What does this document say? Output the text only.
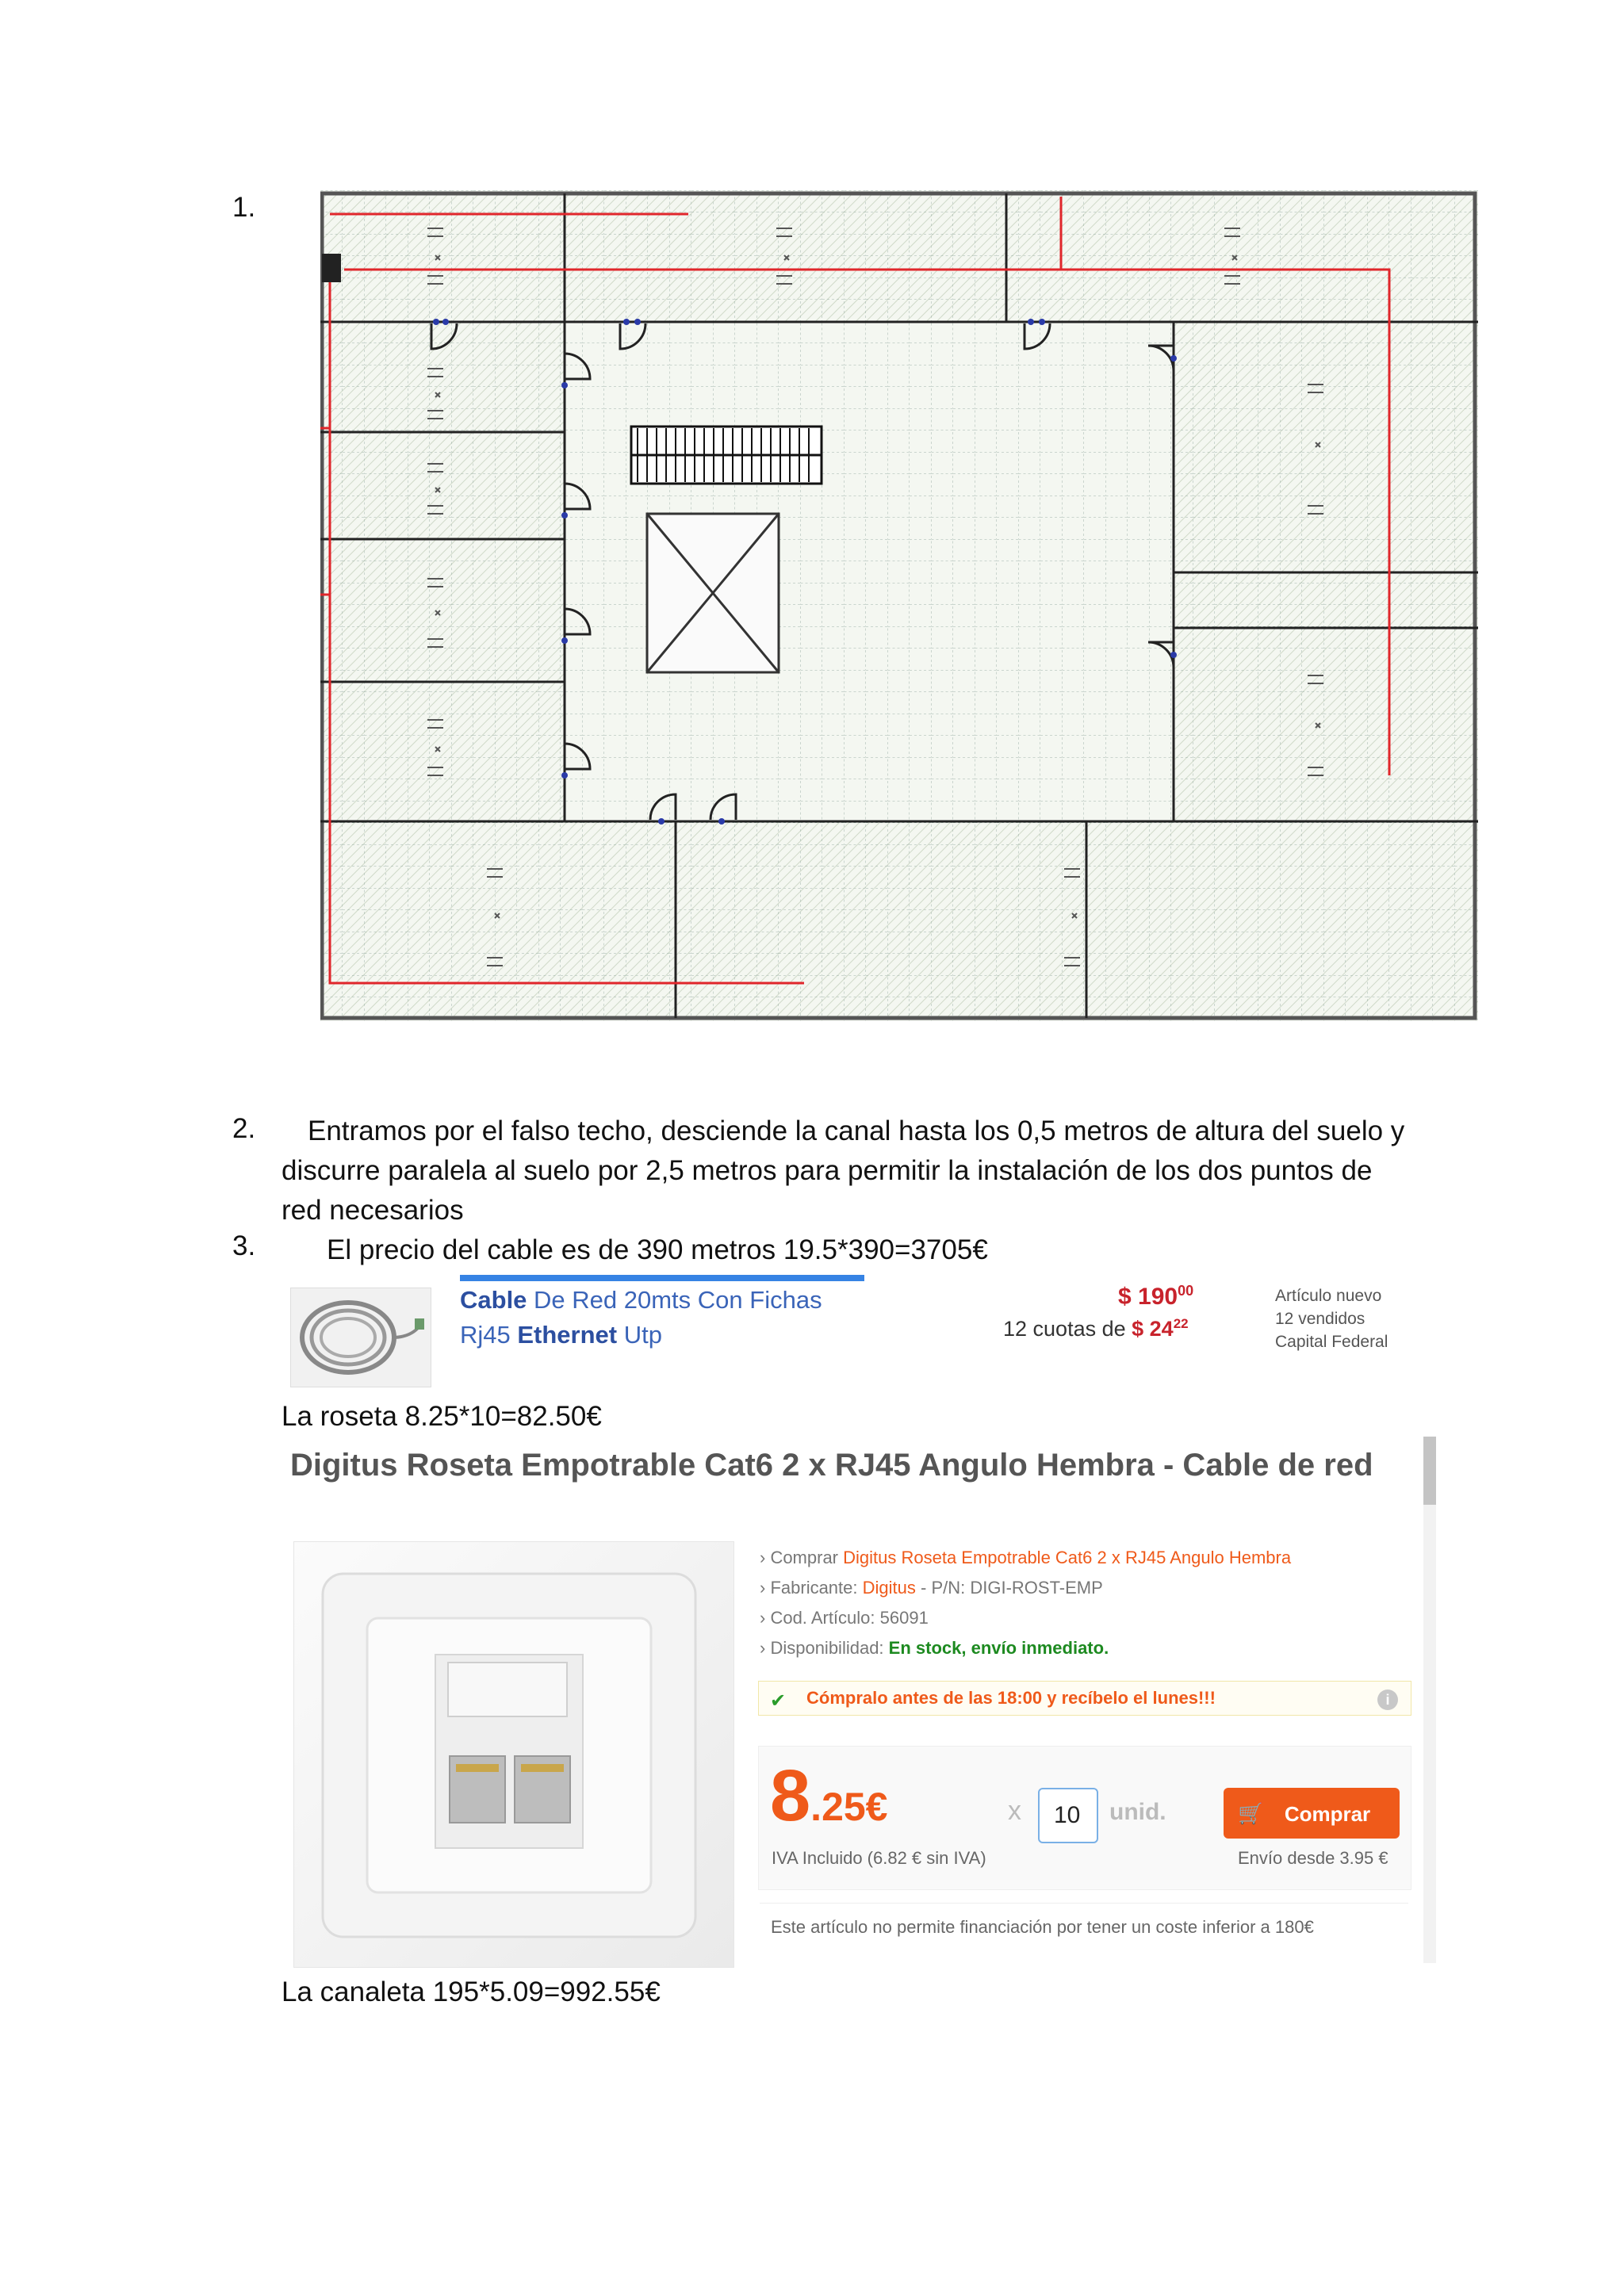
1.
2. Entramos por el falso techo, desciende la canal hasta los 0,5 metros de altura del suelo y
discurre paralela al suelo por 2,5 metros para permitir la instalación de los dos puntos de
red necesarios
3.	El precio del cable es de 390 metros 19.5*390=3705€
Cable De Red 20mts Con Fichas
Rj45 Ethernet Utp
$ $190^{00}$
12 cuotas de $ $24^{22}$
Artículo nuevo
12 vendidos
Capital Federal
La roseta 8.25*10=82.50€
Digitus Roseta Empotrable Cat6 2 x RJ45 Angulo Hembra - Cable de red
› Comprar Digitus Roseta Empotrable Cat6 2 x RJ45 Angulo Hembra
› Fabricante: Digitus - P/N: DIGI-ROST-EMP
› Cod. Artículo: 56091
› Disponibilidad: En stock, envío inmediato.
✔ Cómpralo antes de las 18:00 y recíbelo el lunes!!!	i
8.25€
IVA Incluido (6.82 € sin IVA)
x
10	unid.	🛒 Comprar
Envío desde 3.95 €
Este artículo no permite financiación por tener un coste inferior a 180€
La canaleta 195*5.09=992.55€
